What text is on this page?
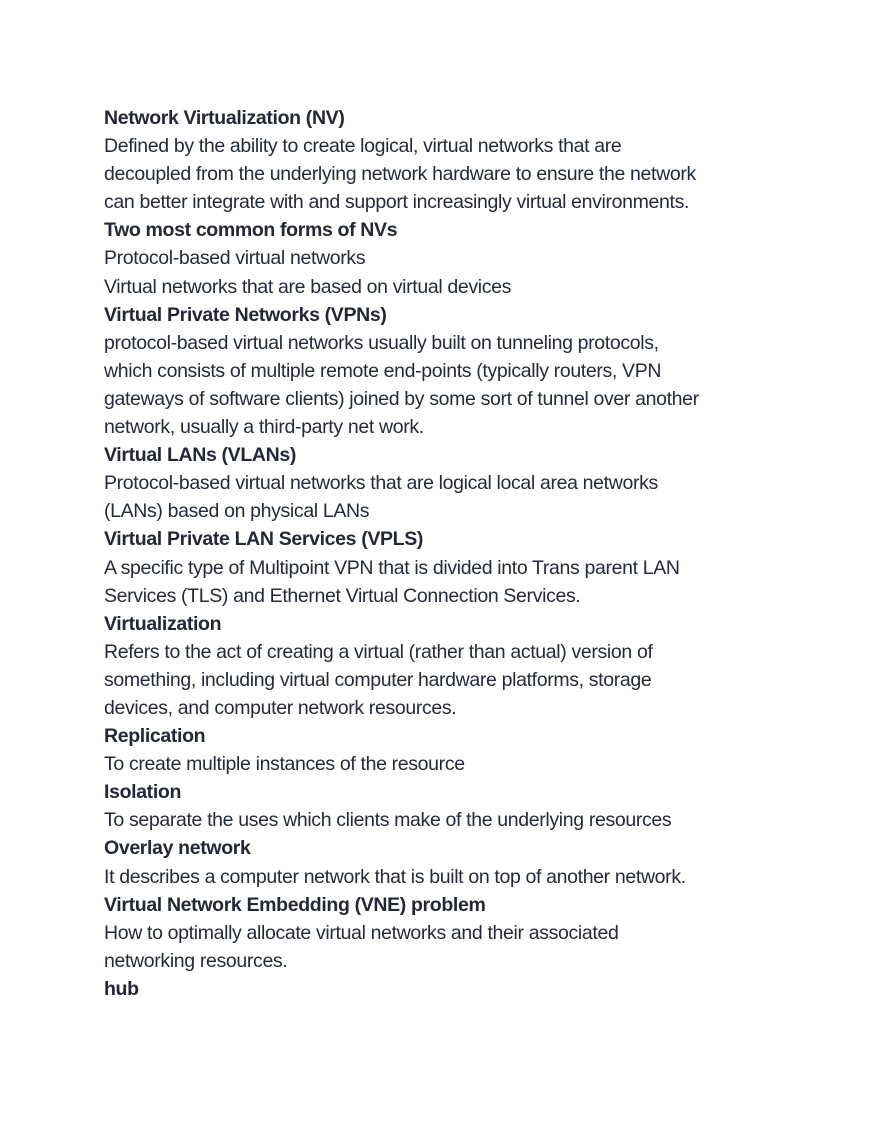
Network Virtualization (NV)
Defined by the ability to create logical, virtual networks that are
decoupled from the underlying network hardware to ensure the network
can better integrate with and support increasingly virtual environments.
Two most common forms of NVs
Protocol-based virtual networks
Virtual networks that are based on virtual devices
Virtual Private Networks (VPNs)
protocol-based virtual networks usually built on tunneling protocols,
which consists of multiple remote end-points (typically routers, VPN
gateways of software clients) joined by some sort of tunnel over another
network, usually a third-party net work.
Virtual LANs (VLANs)
Protocol-based virtual networks that are logical local area networks
(LANs) based on physical LANs
Virtual Private LAN Services (VPLS)
A specific type of Multipoint VPN that is divided into Trans parent LAN
Services (TLS) and Ethernet Virtual Connection Services.
Virtualization
Refers to the act of creating a virtual (rather than actual) version of
something, including virtual computer hardware platforms, storage
devices, and computer network resources.
Replication
To create multiple instances of the resource
Isolation
To separate the uses which clients make of the underlying resources
Overlay network
It describes a computer network that is built on top of another network.
Virtual Network Embedding (VNE) problem
How to optimally allocate virtual networks and their associated
networking resources.
hub
